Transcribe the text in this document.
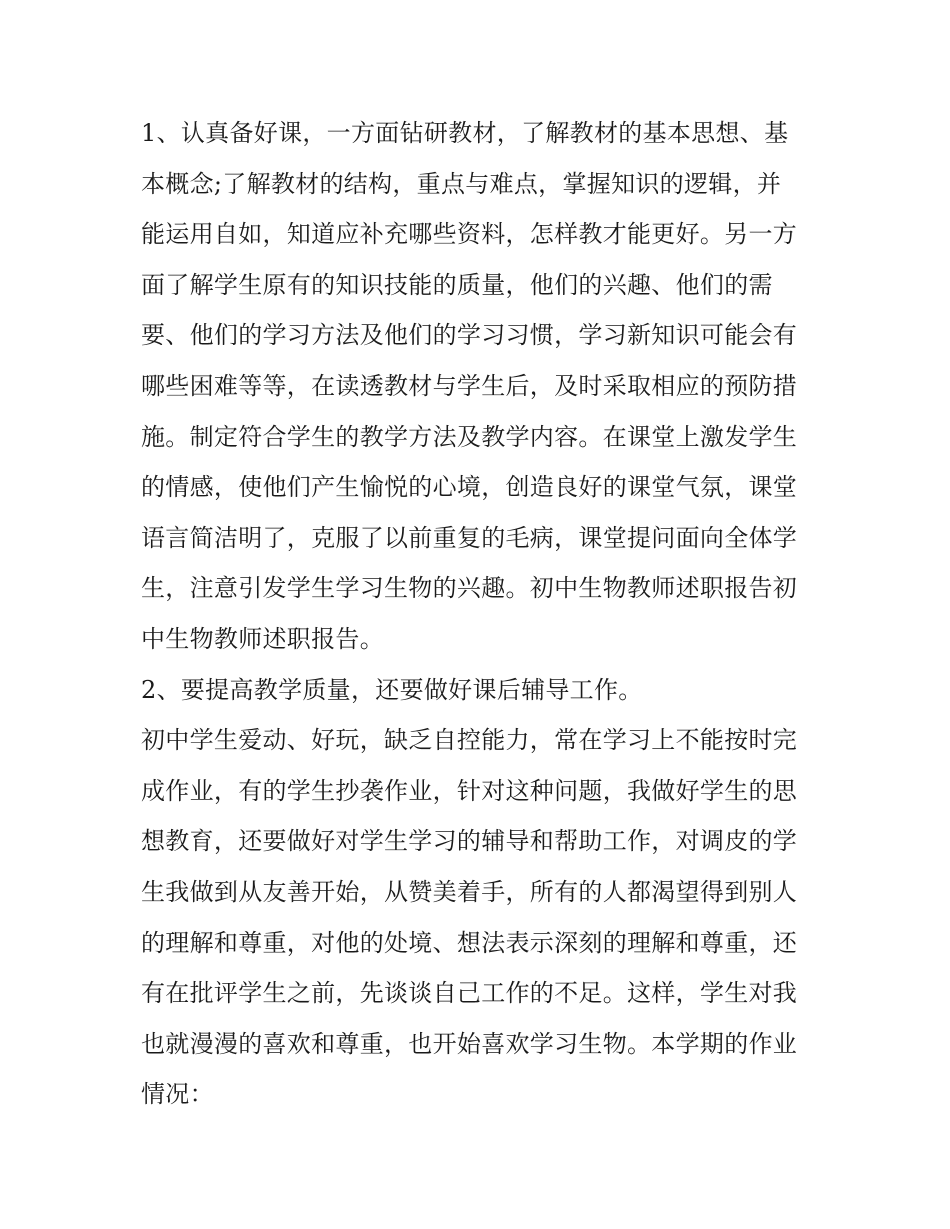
1、认真备好课，一方面钻研教材，了解教材的基本思想、基
本概念;了解教材的结构，重点与难点，掌握知识的逻辑，并
能运用自如，知道应补充哪些资料，怎样教才能更好。另一方
面了解学生原有的知识技能的质量，他们的兴趣、他们的需
要、他们的学习方法及他们的学习习惯，学习新知识可能会有
哪些困难等等，在读透教材与学生后，及时采取相应的预防措
施。制定符合学生的教学方法及教学内容。在课堂上激发学生
的情感，使他们产生愉悦的心境，创造良好的课堂气氛，课堂
语言简洁明了，克服了以前重复的毛病，课堂提问面向全体学
生，注意引发学生学习生物的兴趣。初中生物教师述职报告初
中生物教师述职报告。
2、要提高教学质量，还要做好课后辅导工作。
初中学生爱动、好玩，缺乏自控能力，常在学习上不能按时完
成作业，有的学生抄袭作业，针对这种问题，我做好学生的思
想教育，还要做好对学生学习的辅导和帮助工作，对调皮的学
生我做到从友善开始，从赞美着手，所有的人都渴望得到别人
的理解和尊重，对他的处境、想法表示深刻的理解和尊重，还
有在批评学生之前，先谈谈自己工作的不足。这样，学生对我
也就漫漫的喜欢和尊重，也开始喜欢学习生物。本学期的作业
情况：
